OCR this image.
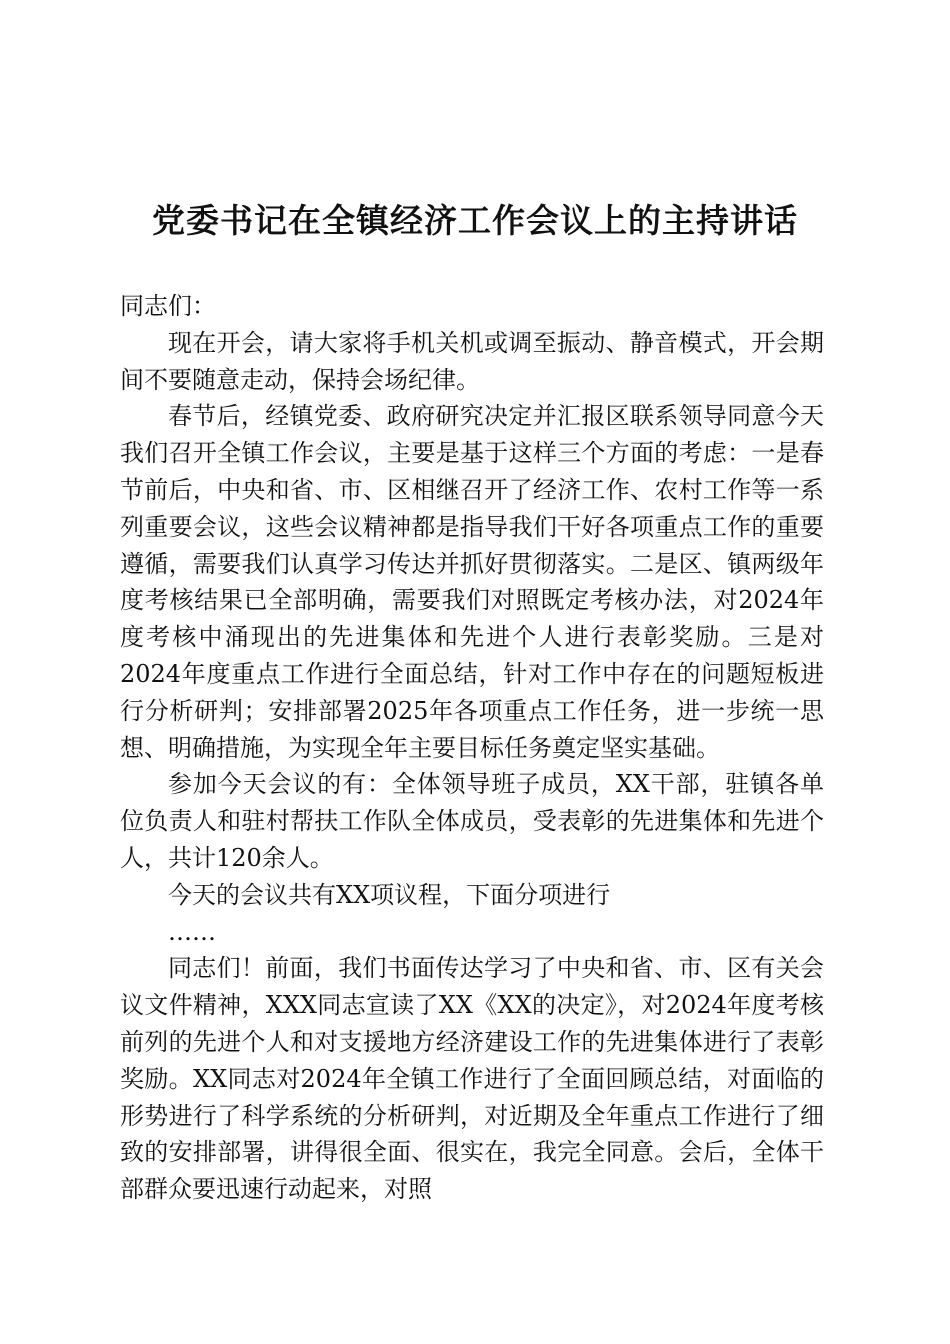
党委书记在全镇经济工作会议上的主持讲话

同志们：

现在开会，请大家将手机关机或调至振动、静音模式，开会期间不要随意走动，保持会场纪律。

春节后，经镇党委、政府研究决定并汇报区联系领导同意今天我们召开全镇工作会议，主要是基于这样三个方面的考虑：一是春节前后，中央和省、市、区相继召开了经济工作、农村工作等一系列重要会议，这些会议精神都是指导我们干好各项重点工作的重要遵循，需要我们认真学习传达并抓好贯彻落实。二是区、镇两级年度考核结果已全部明确，需要我们对照既定考核办法，对2024年度考核中涌现出的先进集体和先进个人进行表彰奖励。三是对2024年度重点工作进行全面总结，针对工作中存在的问题短板进行分析研判；安排部署2025年各项重点工作任务，进一步统一思想、明确措施，为实现全年主要目标任务奠定坚实基础。

参加今天会议的有：全体领导班子成员，XX干部，驻镇各单位负责人和驻村帮扶工作队全体成员，受表彰的先进集体和先进个人，共计120余人。

今天的会议共有XX项议程，下面分项进行

……

同志们！前面，我们书面传达学习了中央和省、市、区有关会议文件精神，XXX同志宣读了XX《XX的决定》，对2024年度考核前列的先进个人和对支援地方经济建设工作的先进集体进行了表彰奖励。XX同志对2024年全镇工作进行了全面回顾总结，对面临的形势进行了科学系统的分析研判，对近期及全年重点工作进行了细致的安排部署，讲得很全面、很实在，我完全同意。会后，全体干部群众要迅速行动起来，对照
